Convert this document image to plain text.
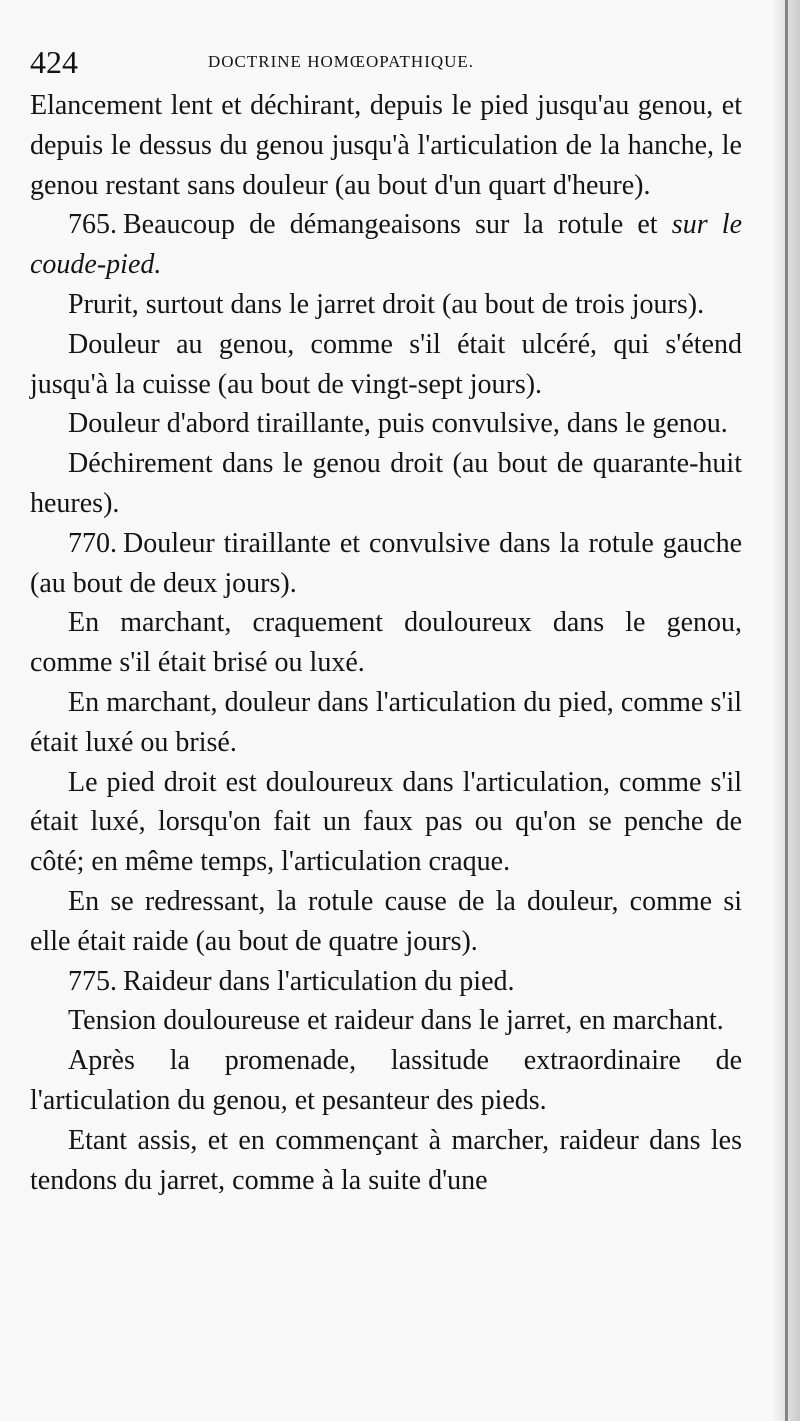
424	DOCTRINE HOMŒOPATHIQUE.

Elancement lent et déchirant, depuis le pied jusqu'au genou, et depuis le dessus du genou jusqu'à l'articulation de la hanche, le genou restant sans douleur (au bout d'un quart d'heure).

765. Beaucoup de démangeaisons sur la rotule et sur le coude-pied.

Prurit, surtout dans le jarret droit (au bout de trois jours).

Douleur au genou, comme s'il était ulcéré, qui s'étend jusqu'à la cuisse (au bout de vingt-sept jours).

Douleur d'abord tiraillante, puis convulsive, dans le genou.

Déchirement dans le genou droit (au bout de quarante-huit heures).

770. Douleur tiraillante et convulsive dans la rotule gauche (au bout de deux jours).

En marchant, craquement douloureux dans le genou, comme s'il était brisé ou luxé.

En marchant, douleur dans l'articulation du pied, comme s'il était luxé ou brisé.

Le pied droit est douloureux dans l'articulation, comme s'il était luxé, lorsqu'on fait un faux pas ou qu'on se penche de côté; en même temps, l'articulation craque.

En se redressant, la rotule cause de la douleur, comme si elle était raide (au bout de quatre jours).

775. Raideur dans l'articulation du pied.

Tension douloureuse et raideur dans le jarret, en marchant.

Après la promenade, lassitude extraordinaire de l'articulation du genou, et pesanteur des pieds.

Etant assis, et en commençant à marcher, raideur dans les tendons du jarret, comme à la suite d'une
